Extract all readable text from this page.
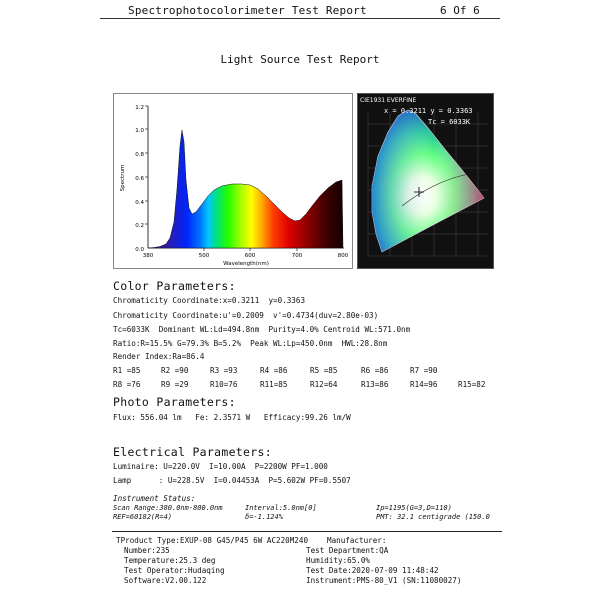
Spectrophotocolorimeter Test Report	6 Of 6
Light Source Test Report
0.0
0.2
0.4
0.6
0.8
1.0
1.2
380	500	600	700	800
Wavelength(nm)
Spectrum
CIE1931 EVERFINE
x = 0.3211 y = 0.3363
Tc = 6033K
Color Parameters:
Chromaticity Coordinate:x=0.3211  y=0.3363
Chromaticity Coordinate:u'=0.2009  v'=0.4734(duv=2.80e-03)
Tc=6033K  Dominant WL:Ld=494.8nm  Purity=4.0% Centroid WL:571.0nm
Ratio:R=15.5% G=79.3% B=5.2%  Peak WL:Lp=450.0nm  HWL:28.8nm
Render Index:Ra=86.4
R1 =85	R2 =90	R3 =93	R4 =86	R5 =85	R6 =86	R7 =90
R8 =76	R9 =29	R10=76	R11=85	R12=64	R13=86	R14=96	R15=82
Photo Parameters:
Flux: 556.04 lm   Fe: 2.3571 W   Efficacy:99.26 lm/W
Electrical Parameters:
Luminaire: U=220.0V  I=10.00A  P=2200W PF=1.000
Lamp      : U=228.5V  I=0.04453A  P=5.602W PF=0.5507
Instrument Status:
Scan Range:380.0nm-800.0nm	Interval:5.0nm[0]	Ip=1195(G=3,D=110)
REF=60182(R=4)	δ=-1.124%	PMT: 32.1 centigrade (150.0
TProduct Type:EXUP-08 G45/P45 6W AC220M240 Manufacturer:
Number:235	Test Department:QA
Temperature:25.3 deg	Humidity:65.0%
Test Operator:Hudaqing	Test Date:2020-07-09 11:48:42
Software:V2.00.122	Instrument:PMS-80_V1 (SN:11080027)
